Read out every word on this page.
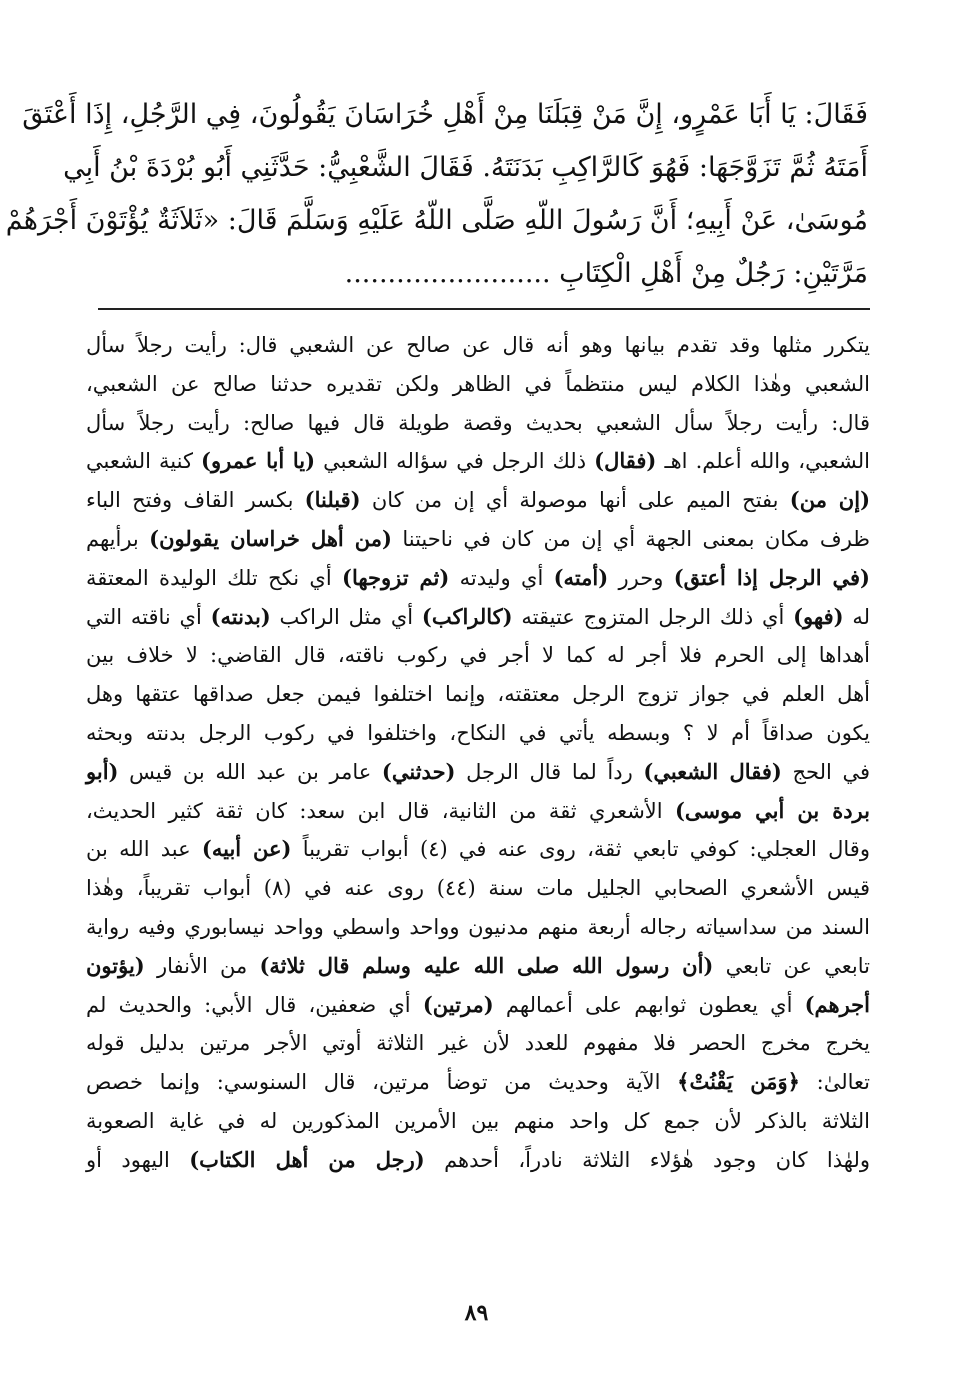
فَقَالَ: يَا أَبَا عَمْرٍو، إِنَّ مَنْ قِبَلَنَا مِنْ أَهْلِ خُرَاسَانَ يَقُولُونَ، فِي الرَّجُلِ، إِذَا أَعْتَقَ

أَمَتَهُ ثُمَّ تَزَوَّجَهَا: فَهُوَ كَالرَّاكِبِ بَدَنَتَهُ. فَقَالَ الشَّعْبِيُّ: حَدَّثَنِي أَبُو بُرْدَةَ بْنُ أَبِي

مُوسَىٰ، عَنْ أَبِيهِ؛ أَنَّ رَسُولَ اللّهِ صَلَّى اللّهُ عَلَيْهِ وَسَلَّمَ قَالَ: «ثَلاَثَةٌ يُؤْتَوْنَ أَجْرَهُمْ

مَرَّتَيْنِ: رَجُلٌ مِنْ أَهْلِ الْكِتَابِ ........................

يتكرر مثلها وقد تقدم بيانها وهو أنه قال عن صالح عن الشعبي قال: رأيت رجلاً سأل

الشعبي وهٰذا الكلام ليس منتظماً في الظاهر ولكن تقديره حدثنا صالح عن الشعبي،

قال: رأيت رجلاً سأل الشعبي بحديث وقصة طويلة قال فيها صالح: رأيت رجلاً سأل

الشعبي، والله أعلم. اهـ (فقال) ذلك الرجل في سؤاله الشعبي (يا أبا عمرو) كنية الشعبي

(إن من) بفتح الميم على أنها موصولة أي إن من كان (قبلنا) بكسر القاف وفتح الباء

ظرف مكان بمعنى الجهة أي إن من كان في ناحيتنا (من أهل خراسان يقولون) برأيهم

(في الرجل إذا أعتق) وحرر (أمته) أي وليدته (ثم تزوجها) أي نكح تلك الوليدة المعتقة

له (فهو) أي ذلك الرجل المتزوج عتيقته (كالراكب) أي مثل الراكب (بدنته) أي ناقته التي

أهداها إلى الحرم فلا أجر له كما لا أجر في ركوب ناقته، قال القاضي: لا خلاف بين

أهل العلم في جواز تزوج الرجل معتقته، وإنما اختلفوا فيمن جعل صداقها عتقها وهل

يكون صداقاً أم لا ؟ وبسطه يأتي في النكاح، واختلفوا في ركوب الرجل بدنته وبحثه

في الحج (فقال الشعبي) رداً لما قال الرجل (حدثني) عامر بن عبد الله بن قيس (أبو

بردة بن أبي موسى) الأشعري ثقة من الثانية، قال ابن سعد: كان ثقة كثير الحديث،

وقال العجلي: كوفي تابعي ثقة، روى عنه في (٤) أبواب تقريباً (عن أبيه) عبد الله بن

قيس الأشعري الصحابي الجليل مات سنة (٤٤) روى عنه في (٨) أبواب تقريباً، وهٰذا

السند من سداسياته رجاله أربعة منهم مدنيون وواحد واسطي وواحد نيسابوري وفيه رواية

تابعي عن تابعي (أن رسول الله صلى الله عليه وسلم قال ثلاثة) من الأنفار (يؤتون

أجرهم) أي يعطون ثوابهم على أعمالهم (مرتين) أي ضعفين، قال الأبي: والحديث لم

يخرج مخرج الحصر فلا مفهوم للعدد لأن غير الثلاثة أوتي الأجر مرتين بدليل قوله

تعالىٰ: ﴿وَمَن يَقْنُتْ﴾ الآية وحديث من توضأ مرتين، قال السنوسي: وإنما خصص

الثلاثة بالذكر لأن جمع كل واحد منهم بين الأمرين المذكورين له في غاية الصعوبة

ولهٰذا كان وجود هٰؤلاء الثلاثة نادراً، أحدهم (رجل من أهل الكتاب) اليهود أو

٨٩
